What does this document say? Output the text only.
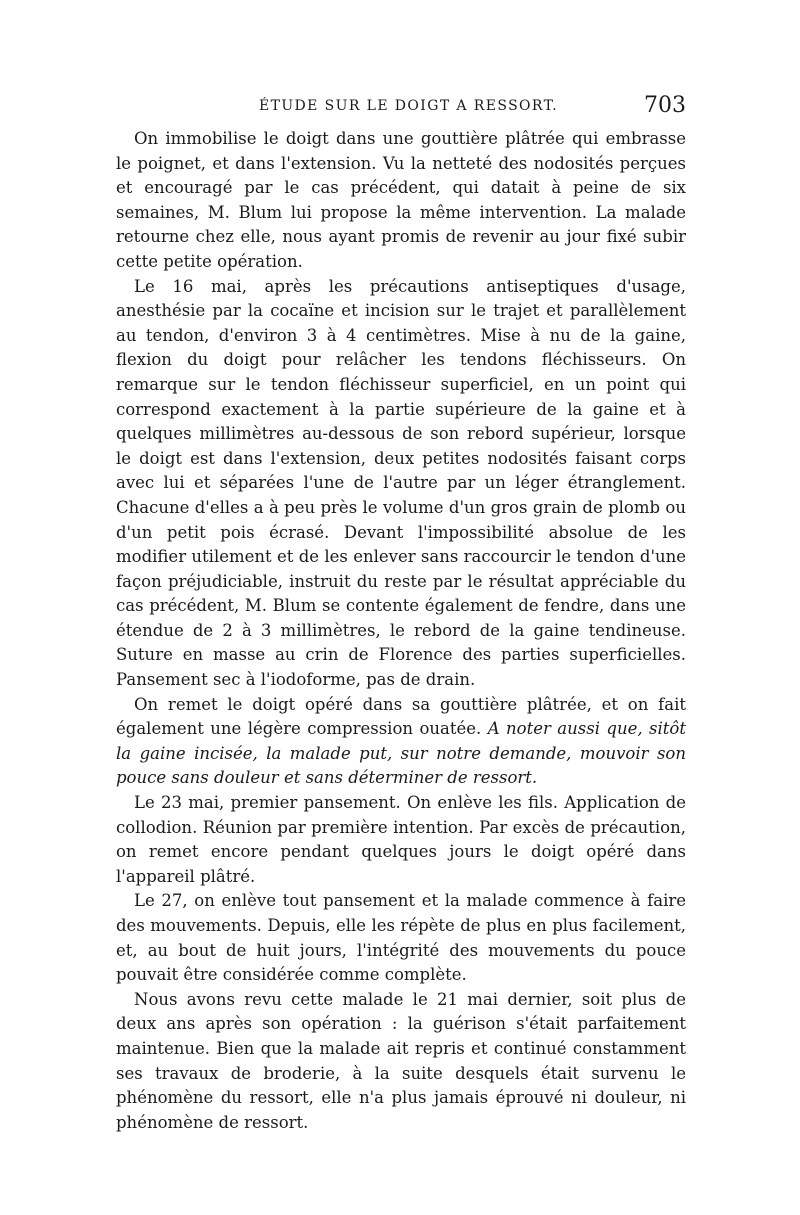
ÉTUDE SUR LE DOIGT A RESSORT.	703

On immobilise le doigt dans une gouttière plâtrée qui embrasse le poignet, et dans l'extension. Vu la netteté des nodosités perçues et encouragé par le cas précédent, qui datait à peine de six semaines, M. Blum lui propose la même intervention. La malade retourne chez elle, nous ayant promis de revenir au jour fixé subir cette petite opération.

Le 16 mai, après les précautions antiseptiques d'usage, anesthésie par la cocaïne et incision sur le trajet et parallèlement au tendon, d'environ 3 à 4 centimètres. Mise à nu de la gaine, flexion du doigt pour relâcher les tendons fléchisseurs. On remarque sur le tendon fléchisseur superficiel, en un point qui correspond exactement à la partie supérieure de la gaine et à quelques millimètres au-dessous de son rebord supérieur, lorsque le doigt est dans l'extension, deux petites nodosités faisant corps avec lui et séparées l'une de l'autre par un léger étranglement. Chacune d'elles a à peu près le volume d'un gros grain de plomb ou d'un petit pois écrasé. Devant l'impossibilité absolue de les modifier utilement et de les enlever sans raccourcir le tendon d'une façon préjudiciable, instruit du reste par le résultat appréciable du cas précédent, M. Blum se contente également de fendre, dans une étendue de 2 à 3 millimètres, le rebord de la gaine tendineuse. Suture en masse au crin de Florence des parties superficielles. Pansement sec à l'iodoforme, pas de drain.

On remet le doigt opéré dans sa gouttière plâtrée, et on fait également une légère compression ouatée. A noter aussi que, sitôt la gaine incisée, la malade put, sur notre demande, mouvoir son pouce sans douleur et sans déterminer de ressort.

Le 23 mai, premier pansement. On enlève les fils. Application de collodion. Réunion par première intention. Par excès de précaution, on remet encore pendant quelques jours le doigt opéré dans l'appareil plâtré.

Le 27, on enlève tout pansement et la malade commence à faire des mouvements. Depuis, elle les répète de plus en plus facilement, et, au bout de huit jours, l'intégrité des mouvements du pouce pouvait être considérée comme complète.

Nous avons revu cette malade le 21 mai dernier, soit plus de deux ans après son opération : la guérison s'était parfaitement maintenue. Bien que la malade ait repris et continué constamment ses travaux de broderie, à la suite desquels était survenu le phénomène du ressort, elle n'a plus jamais éprouvé ni douleur, ni phénomène de ressort.
